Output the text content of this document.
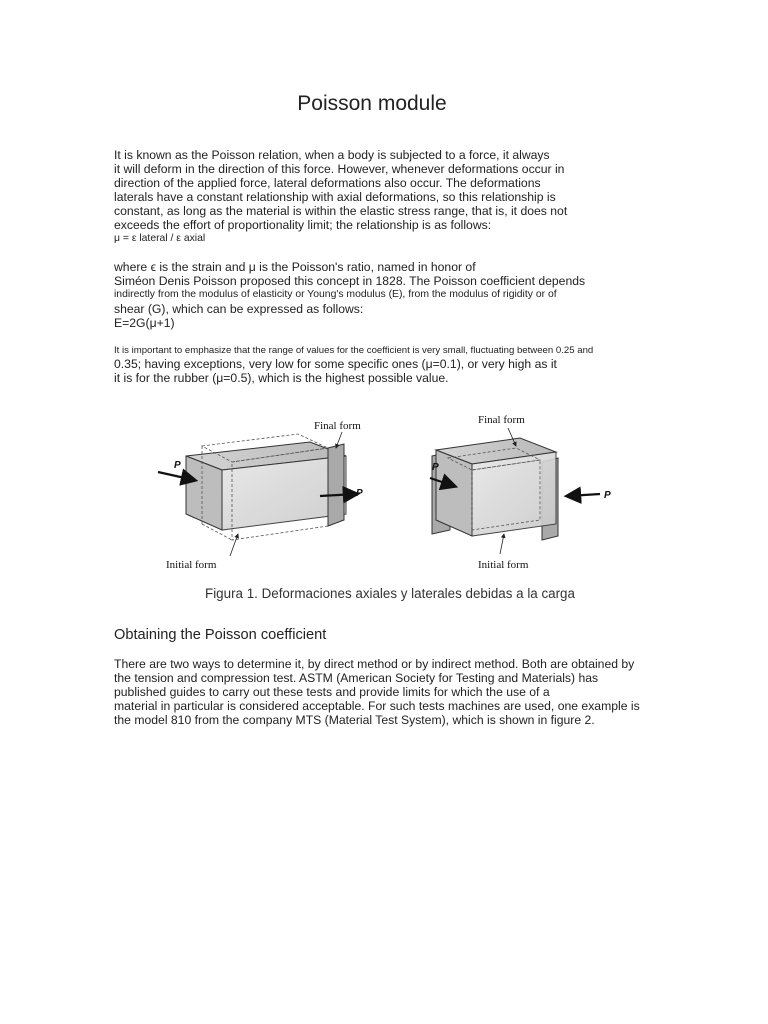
Poisson module
It is known as the Poisson relation, when a body is subjected to a force, it always
it will deform in the direction of this force. However, whenever deformations occur in
direction of the applied force, lateral deformations also occur. The deformations
laterals have a constant relationship with axial deformations, so this relationship is
constant, as long as the material is within the elastic stress range, that is, it does not
exceeds the effort of proportionality limit; the relationship is as follows:
μ = ε lateral / ε axial
where ϵ is the strain and μ is the Poisson's ratio, named in honor of
Siméon Denis Poisson proposed this concept in 1828. The Poisson coefficient depends
indirectly from the modulus of elasticity or Young's modulus (E), from the modulus of rigidity or of
shear (G), which can be expressed as follows:
E=2G(μ+1)
It is important to emphasize that the range of values for the coefficient is very small, fluctuating between 0.25 and
0.35; having exceptions, very low for some specific ones (μ=0.1), or very high as it
it is for the rubber (μ=0.5), which is the highest possible value.
Final form
Initial form
P
P
Final form
Initial form
P
P
Figura 1. Deformaciones axiales y laterales debidas a la carga
Obtaining the Poisson coefficient
There are two ways to determine it, by direct method or by indirect method. Both are obtained by
the tension and compression test. ASTM (American Society for Testing and Materials) has
published guides to carry out these tests and provide limits for which the use of a
material in particular is considered acceptable. For such tests machines are used, one example is
the model 810 from the company MTS (Material Test System), which is shown in figure 2.
